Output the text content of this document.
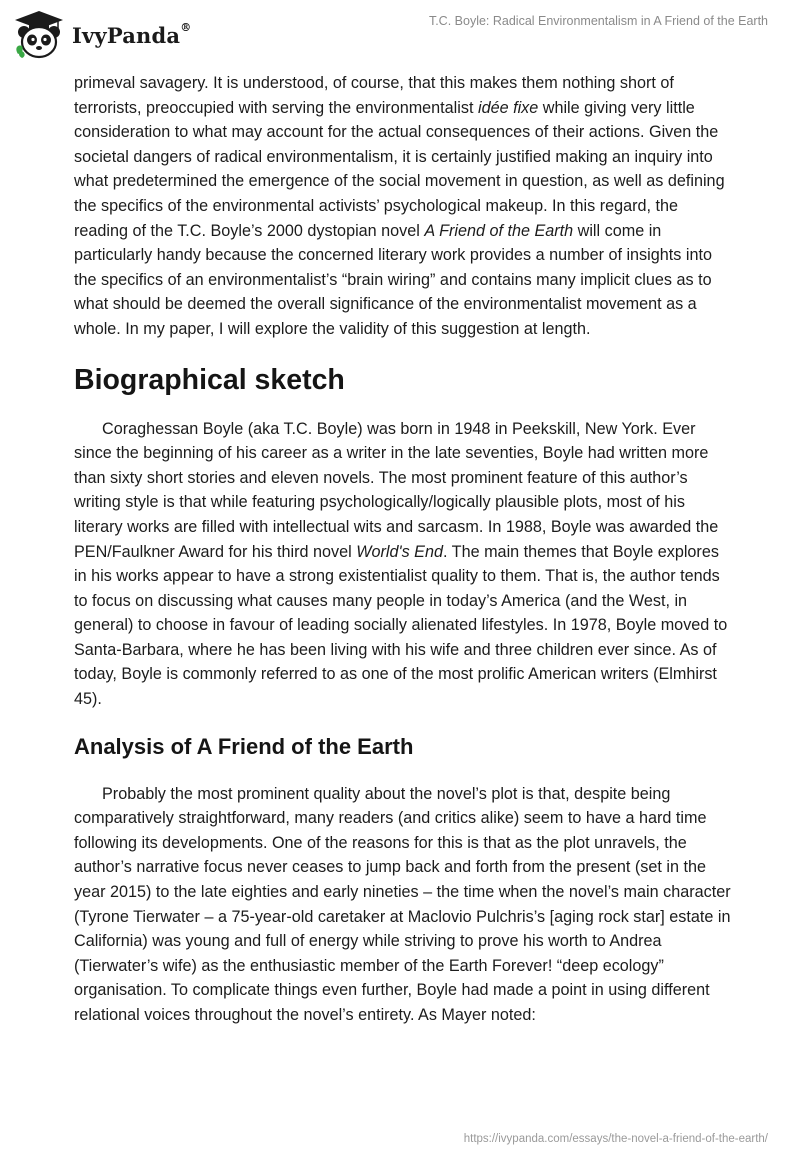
IvyPanda®	T.C. Boyle: Radical Environmentalism in A Friend of the Earth

primeval savagery. It is understood, of course, that this makes them nothing short of terrorists, preoccupied with serving the environmentalist idée fixe while giving very little consideration to what may account for the actual consequences of their actions. Given the societal dangers of radical environmentalism, it is certainly justified making an inquiry into what predetermined the emergence of the social movement in question, as well as defining the specifics of the environmental activists’ psychological makeup. In this regard, the reading of the T.C. Boyle’s 2000 dystopian novel A Friend of the Earth will come in particularly handy because the concerned literary work provides a number of insights into the specifics of an environmentalist’s “brain wiring” and contains many implicit clues as to what should be deemed the overall significance of the environmentalist movement as a whole. In my paper, I will explore the validity of this suggestion at length.

Biographical sketch

Coraghessan Boyle (aka T.C. Boyle) was born in 1948 in Peekskill, New York. Ever since the beginning of his career as a writer in the late seventies, Boyle had written more than sixty short stories and eleven novels. The most prominent feature of this author’s writing style is that while featuring psychologically/logically plausible plots, most of his literary works are filled with intellectual wits and sarcasm. In 1988, Boyle was awarded the PEN/Faulkner Award for his third novel World's End. The main themes that Boyle explores in his works appear to have a strong existentialist quality to them. That is, the author tends to focus on discussing what causes many people in today’s America (and the West, in general) to choose in favour of leading socially alienated lifestyles. In 1978, Boyle moved to Santa-Barbara, where he has been living with his wife and three children ever since. As of today, Boyle is commonly referred to as one of the most prolific American writers (Elmhirst 45).

Analysis of A Friend of the Earth

Probably the most prominent quality about the novel’s plot is that, despite being comparatively straightforward, many readers (and critics alike) seem to have a hard time following its developments. One of the reasons for this is that as the plot unravels, the author’s narrative focus never ceases to jump back and forth from the present (set in the year 2015) to the late eighties and early nineties – the time when the novel’s main character (Tyrone Tierwater – a 75-year-old caretaker at Maclovio Pulchris’s [aging rock star] estate in California) was young and full of energy while striving to prove his worth to Andrea (Tierwater’s wife) as the enthusiastic member of the Earth Forever! “deep ecology” organisation. To complicate things even further, Boyle had made a point in using different relational voices throughout the novel’s entirety. As Mayer noted:

https://ivypanda.com/essays/the-novel-a-friend-of-the-earth/
